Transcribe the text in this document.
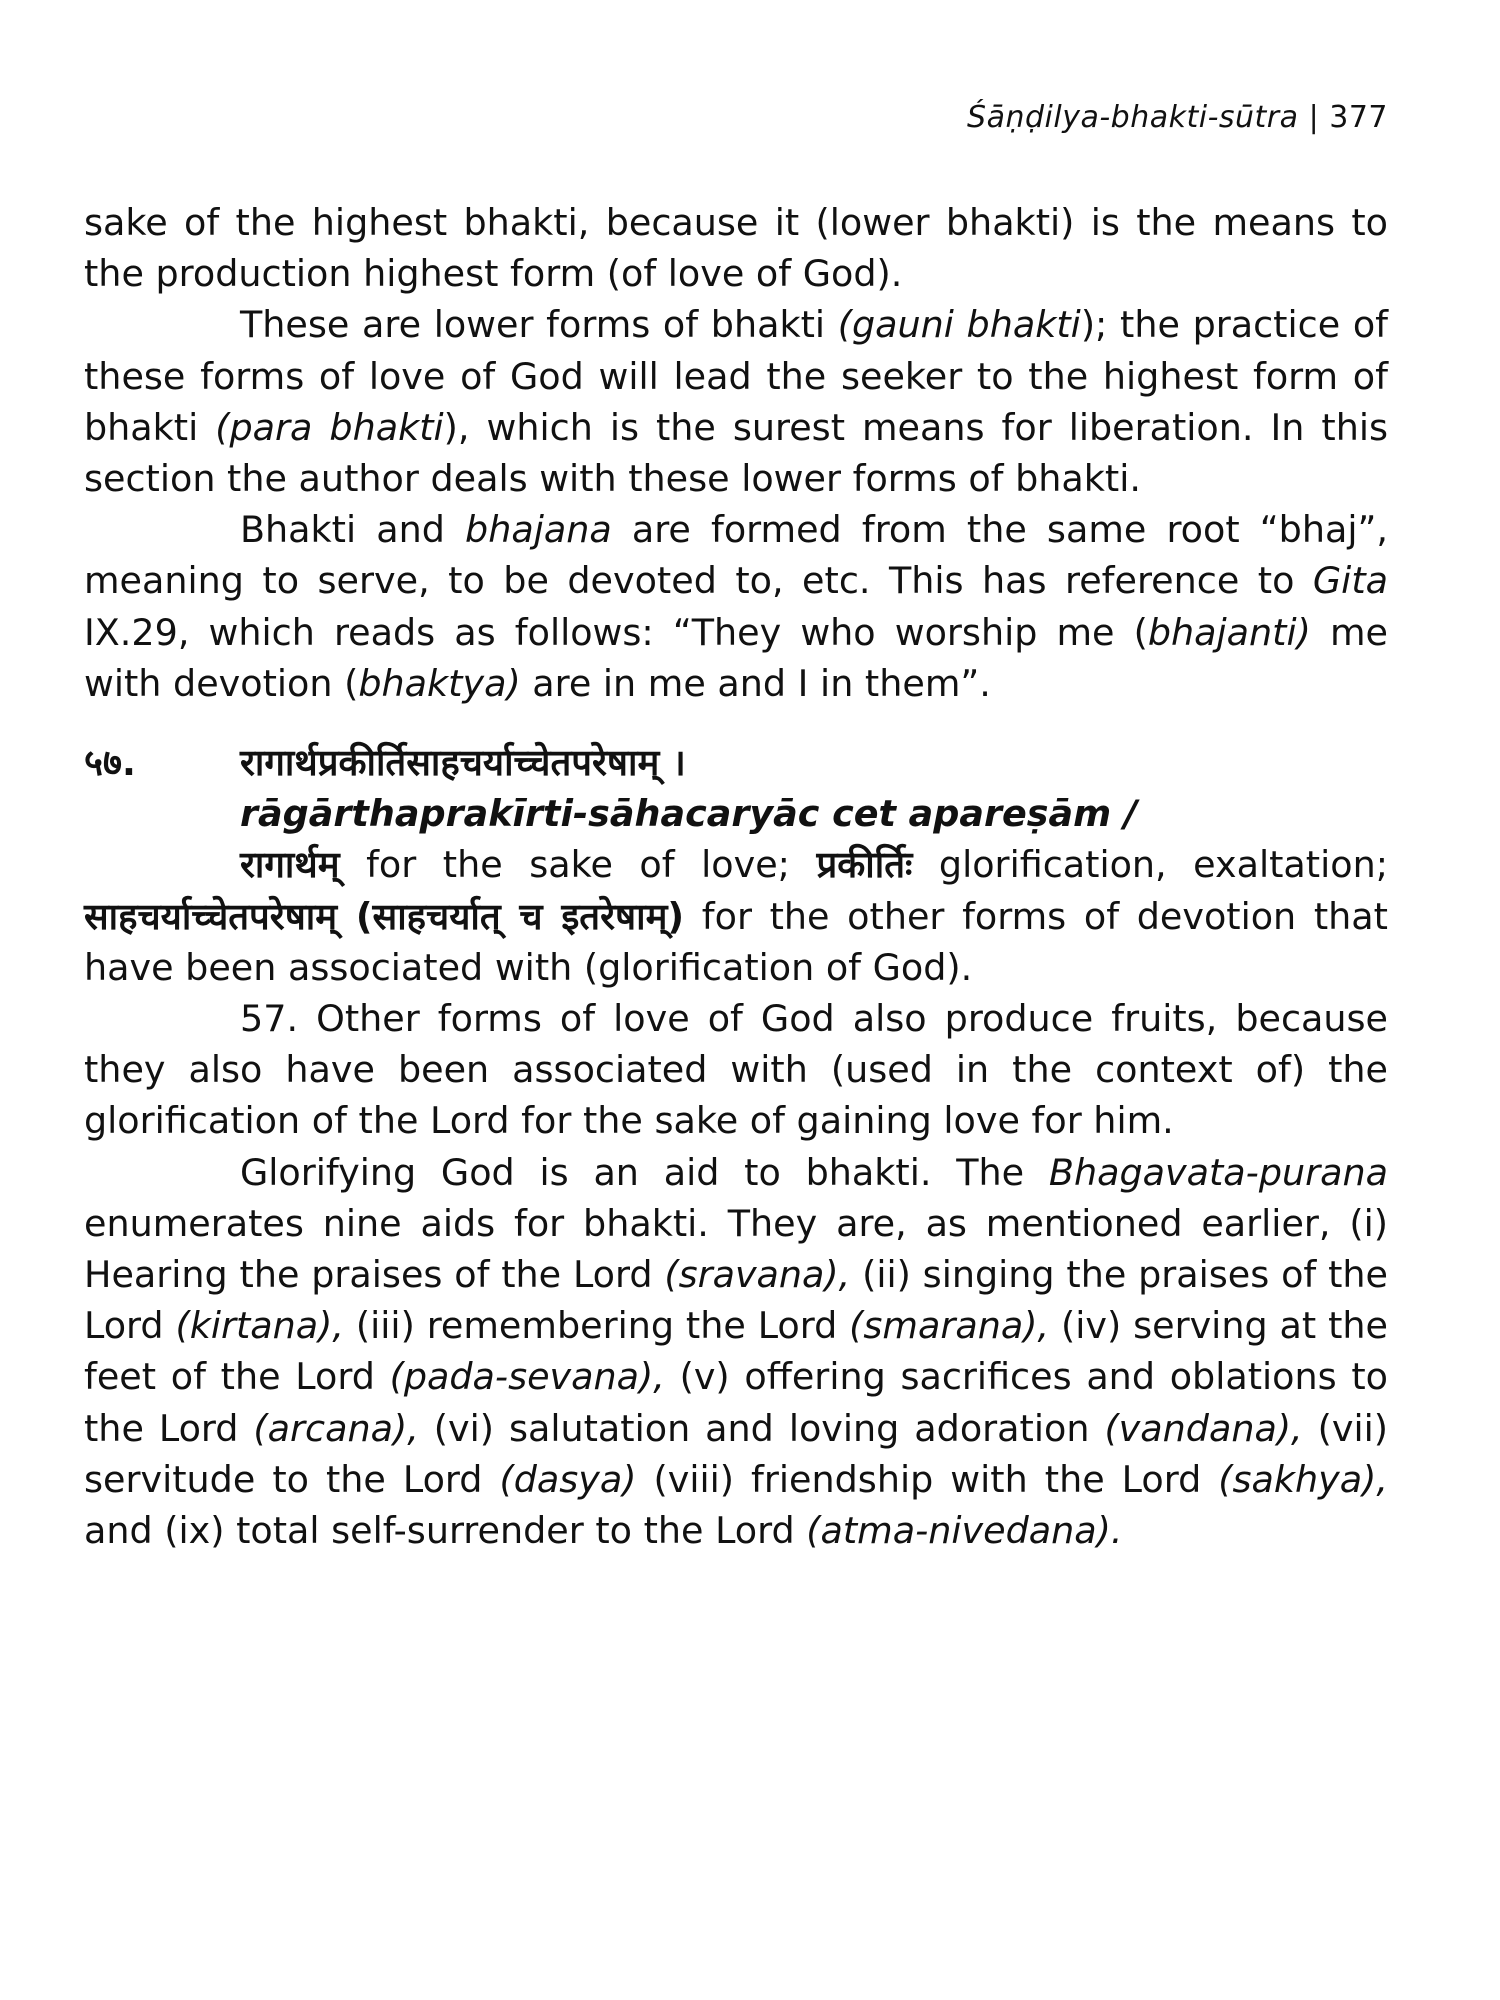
Śāṇḍilya-bhakti-sūtra | 377

sake of the highest bhakti, because it (lower bhakti) is the means to the production highest form (of love of God).

These are lower forms of bhakti (gauni bhakti); the practice of these forms of love of God will lead the seeker to the highest form of bhakti (para bhakti), which is the surest means for liberation. In this section the author deals with these lower forms of bhakti.

Bhakti and bhajana are formed from the same root “bhaj”, meaning to serve, to be devoted to, etc. This has reference to Gita IX.29, which reads as follows: “They who worship me (bhajanti) me with devotion (bhaktya) are in me and I in them”.

५७.	रागार्थप्रकीर्तिसाहचर्याच्चेतपरेषाम् ।
rāgārthaprakīrti-sāhacaryāc cet apareṣām /

रागार्थम् for the sake of love; प्रकीर्तिः glorification, exaltation; साहचर्याच्चेतपरेषाम् (साहचर्यात् च इतरेषाम्) for the other forms of devotion that have been associated with (glorification of God).

57. Other forms of love of God also produce fruits, because they also have been associated with (used in the context of) the glorification of the Lord for the sake of gaining love for him.

Glorifying God is an aid to bhakti. The Bhagavata-purana enumerates nine aids for bhakti. They are, as mentioned earlier, (i) Hearing the praises of the Lord (sravana), (ii) singing the praises of the Lord (kirtana), (iii) remembering the Lord (smarana), (iv) serving at the feet of the Lord (pada-sevana), (v) offering sacrifices and oblations to the Lord (arcana), (vi) salutation and loving adoration (vandana), (vii) servitude to the Lord (dasya) (viii) friendship with the Lord (sakhya), and (ix) total self-surrender to the Lord (atma-nivedana).
